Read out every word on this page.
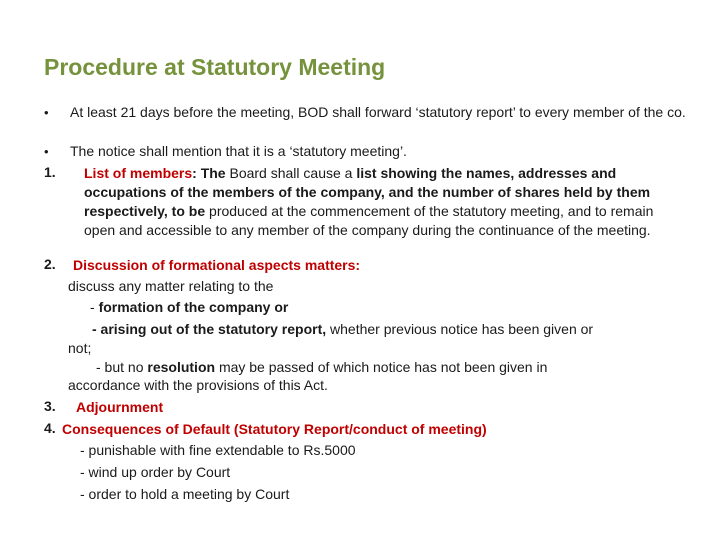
Procedure at Statutory Meeting
• At least 21 days before the meeting, BOD shall forward ‘statutory report’ to every member of the co.
• The notice shall mention that it is a ‘statutory meeting’.
1. List of members: The Board shall cause a list showing the names, addresses and occupations of the members of the company, and the number of shares held by them respectively, to be produced at the commencement of the statutory meeting, and to remain open and accessible to any member of the company during the continuance of the meeting.
2. Discussion of formational aspects matters:
discuss any matter relating to the
- formation of the company or
- arising out of the statutory report, whether previous notice has been given or
not;
- but no resolution may be passed of which notice has not been given in
accordance with the provisions of this Act.
3. Adjournment
4. Consequences of Default (Statutory Report/conduct of meeting)
- punishable with fine extendable to Rs.5000
- wind up order by Court
- order to hold a meeting by Court
